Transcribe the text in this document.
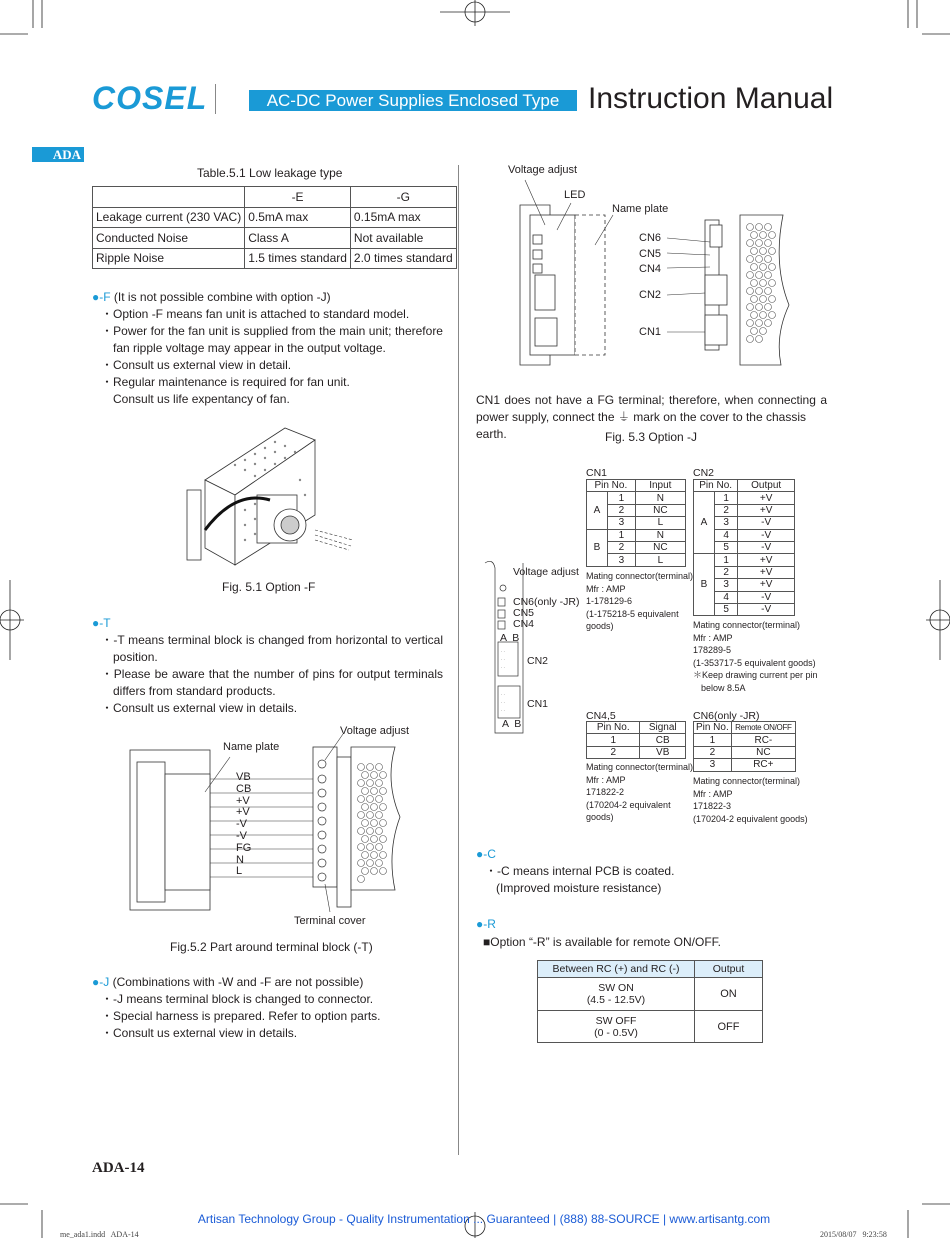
COSEL	AC-DC Power Supplies Enclosed Type Instruction Manual
ADA
Table.5.1 Low leakage type
	-E	-G
Leakage current (230 VAC)	0.5mA max	0.15mA max
Conducted Noise	Class A	Not available
Ripple Noise	1.5 times standard	2.0 times standard
●-F (It is not possible combine with option -J)
・Option -F means fan unit is attached to standard model.
・Power for the fan unit is supplied from the main unit; therefore
fan ripple voltage may appear in the output voltage.
・Consult us external view in detail.
・Regular maintenance is required for fan unit.
Consult us life expentancy of fan.
Fig. 5.1 Option -F
●-T
・-T means terminal block is changed from horizontal to vertical
position.
・Please be aware that the number of pins for output terminals
differs from standard products.
・Consult us external view in details.
Voltage adjust
Name plate
VB
CB
+V
+V
-V
-V
FG
N
L
Terminal cover
Fig.5.2 Part around terminal block (-T)
●-J (Combinations with -W and -F are not possible)
・-J means terminal block is changed to connector.
・Special harness is prepared. Refer to option parts.
・Consult us external view in details.
Voltage adjust
LED
Name plate
CN6
CN5
CN4
CN2
CN1
CN1 does not have a FG terminal; therefore, when connecting a
power supply, connect the ⏚ mark on the cover to the chassis earth.	Fig. 5.3 Option -J
· ·
· ·
· ·
· ·
· ·
· ·
Voltage adjust
CN6(only -JR)
CN5
CN4
A  B
CN2
CN1
A  B
CN1
Pin No.		Input
A	1	N
	2	NC
	3	L
B	1	N
	2	NC
	3	L
Mating connector(terminal)
Mfr : AMP
1-178129-6
(1-175218-5 equivalent
goods)
CN2
Pin No.		Output
A	1	+V
	2	+V
	3	-V
	4	-V
	5	-V
B	1	+V
	2	+V
	3	+V
	4	-V
	5	-V
Mating connector(terminal)
Mfr : AMP
178289-5
(1-353717-5 equivalent goods)
＊Keep drawing current per pin
below 8.5A
CN4,5
Pin No.	Signal
1	CB
2	VB
Mating connector(terminal)
Mfr : AMP
171822-2
(170204-2 equivalent
goods)
CN6(only -JR)
Pin No.	Remote ON/OFF
1	RC-
2	NC
3	RC+
Mating connector(terminal)
Mfr : AMP
171822-3
(170204-2 equivalent goods)
●-C
・-C means internal PCB is coated.
(Improved moisture resistance)
●-R
■Option “-R” is available for remote ON/OFF.
Between RC (+) and RC (-)	Output

SW ON
(4.5 - 12.5V)	ON

SW OFF
(0 - 0.5V)	OFF
ADA-14
Artisan Technology Group - Quality Instrumentation ... Guaranteed | (888) 88-SOURCE | www.artisantg.com
me_ada1.indd   ADA-14	2015/08/07   9:23:58
